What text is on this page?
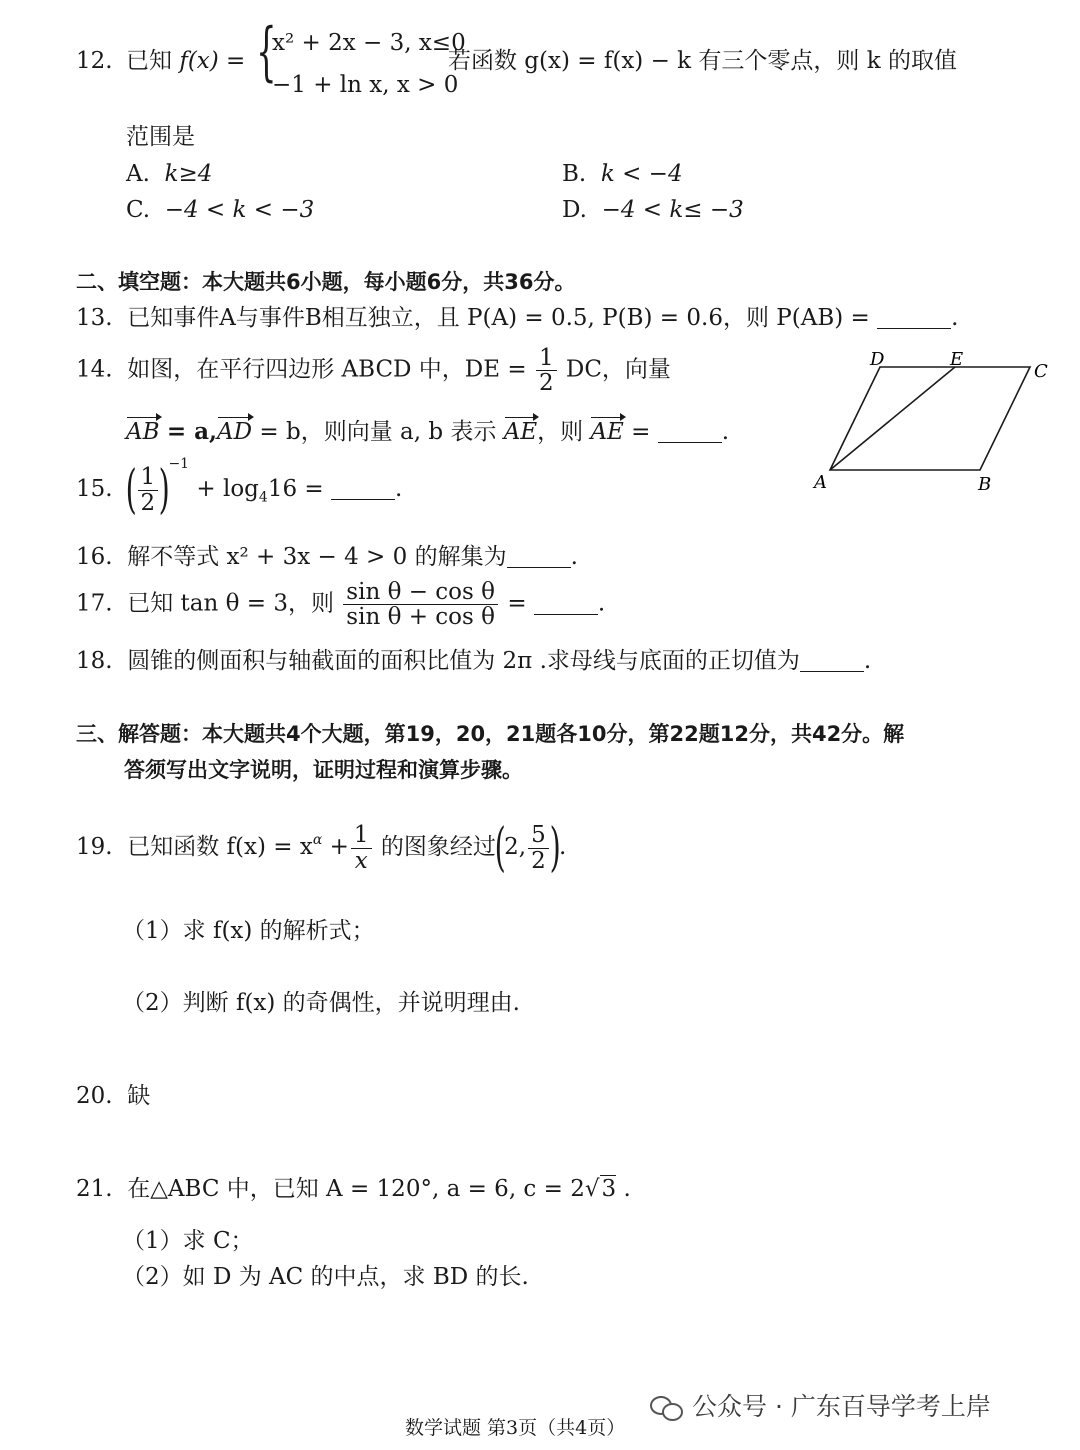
12. 已知 f(x) = {
x² + 2x − 3, x≤0
−1 + ln x, x > 0
若函数 g(x) = f(x) − k 有三个零点，则 k 的取值
范围是
A. k≥4	B. k < −4
C. −4 < k < −3	D. −4 < k≤ −3
二、填空题：本大题共6小题，每小题6分，共36分。
13. 已知事件A与事件B相互独立，且 P(A) = 0.5, P(B) = 0.6，则 P(AB) =	.
14. 如图，在平行四边形 ABCD 中，DE = $\frac{1}{2}$ DC，向量
AB = a,AD = b，则向量 a, b 表示 AE，则 AE =	.
D	E
C
A	B
15. ( $\frac{1}{2} )^{-1} + \log_416$ =	.
16. 解不等式 x² + 3x − 4 > 0 的解集为	.
17. 已知 tan θ = 3，则 $\frac{\text{sin θ − cos θ}}{\text{sin θ + cos θ}}$ =	.
18. 圆锥的侧面积与轴截面的面积比值为 2π .求母线与底面的正切值为	.
三、解答题：本大题共4个大题，第19，20，21题各10分，第22题12分，共42分。解
答须写出文字说明，证明过程和演算步骤。
19. 已知函数 $f(x) = x^\alpha + \frac{1}{x}$ 的图象经过(2, $\frac{5}{2}$ ).
（1）求 f(x) 的解析式；
（2）判断 f(x) 的奇偶性，并说明理由.
20. 缺
21. 在△ABC 中，已知 A = 120°, a = 6, c = 2√3 .
（1）求 C；
（2）如 D 为 AC 的中点，求 BD 的长.
公众号 · 广东百导学考上岸
数学试题 第3页（共4页）
